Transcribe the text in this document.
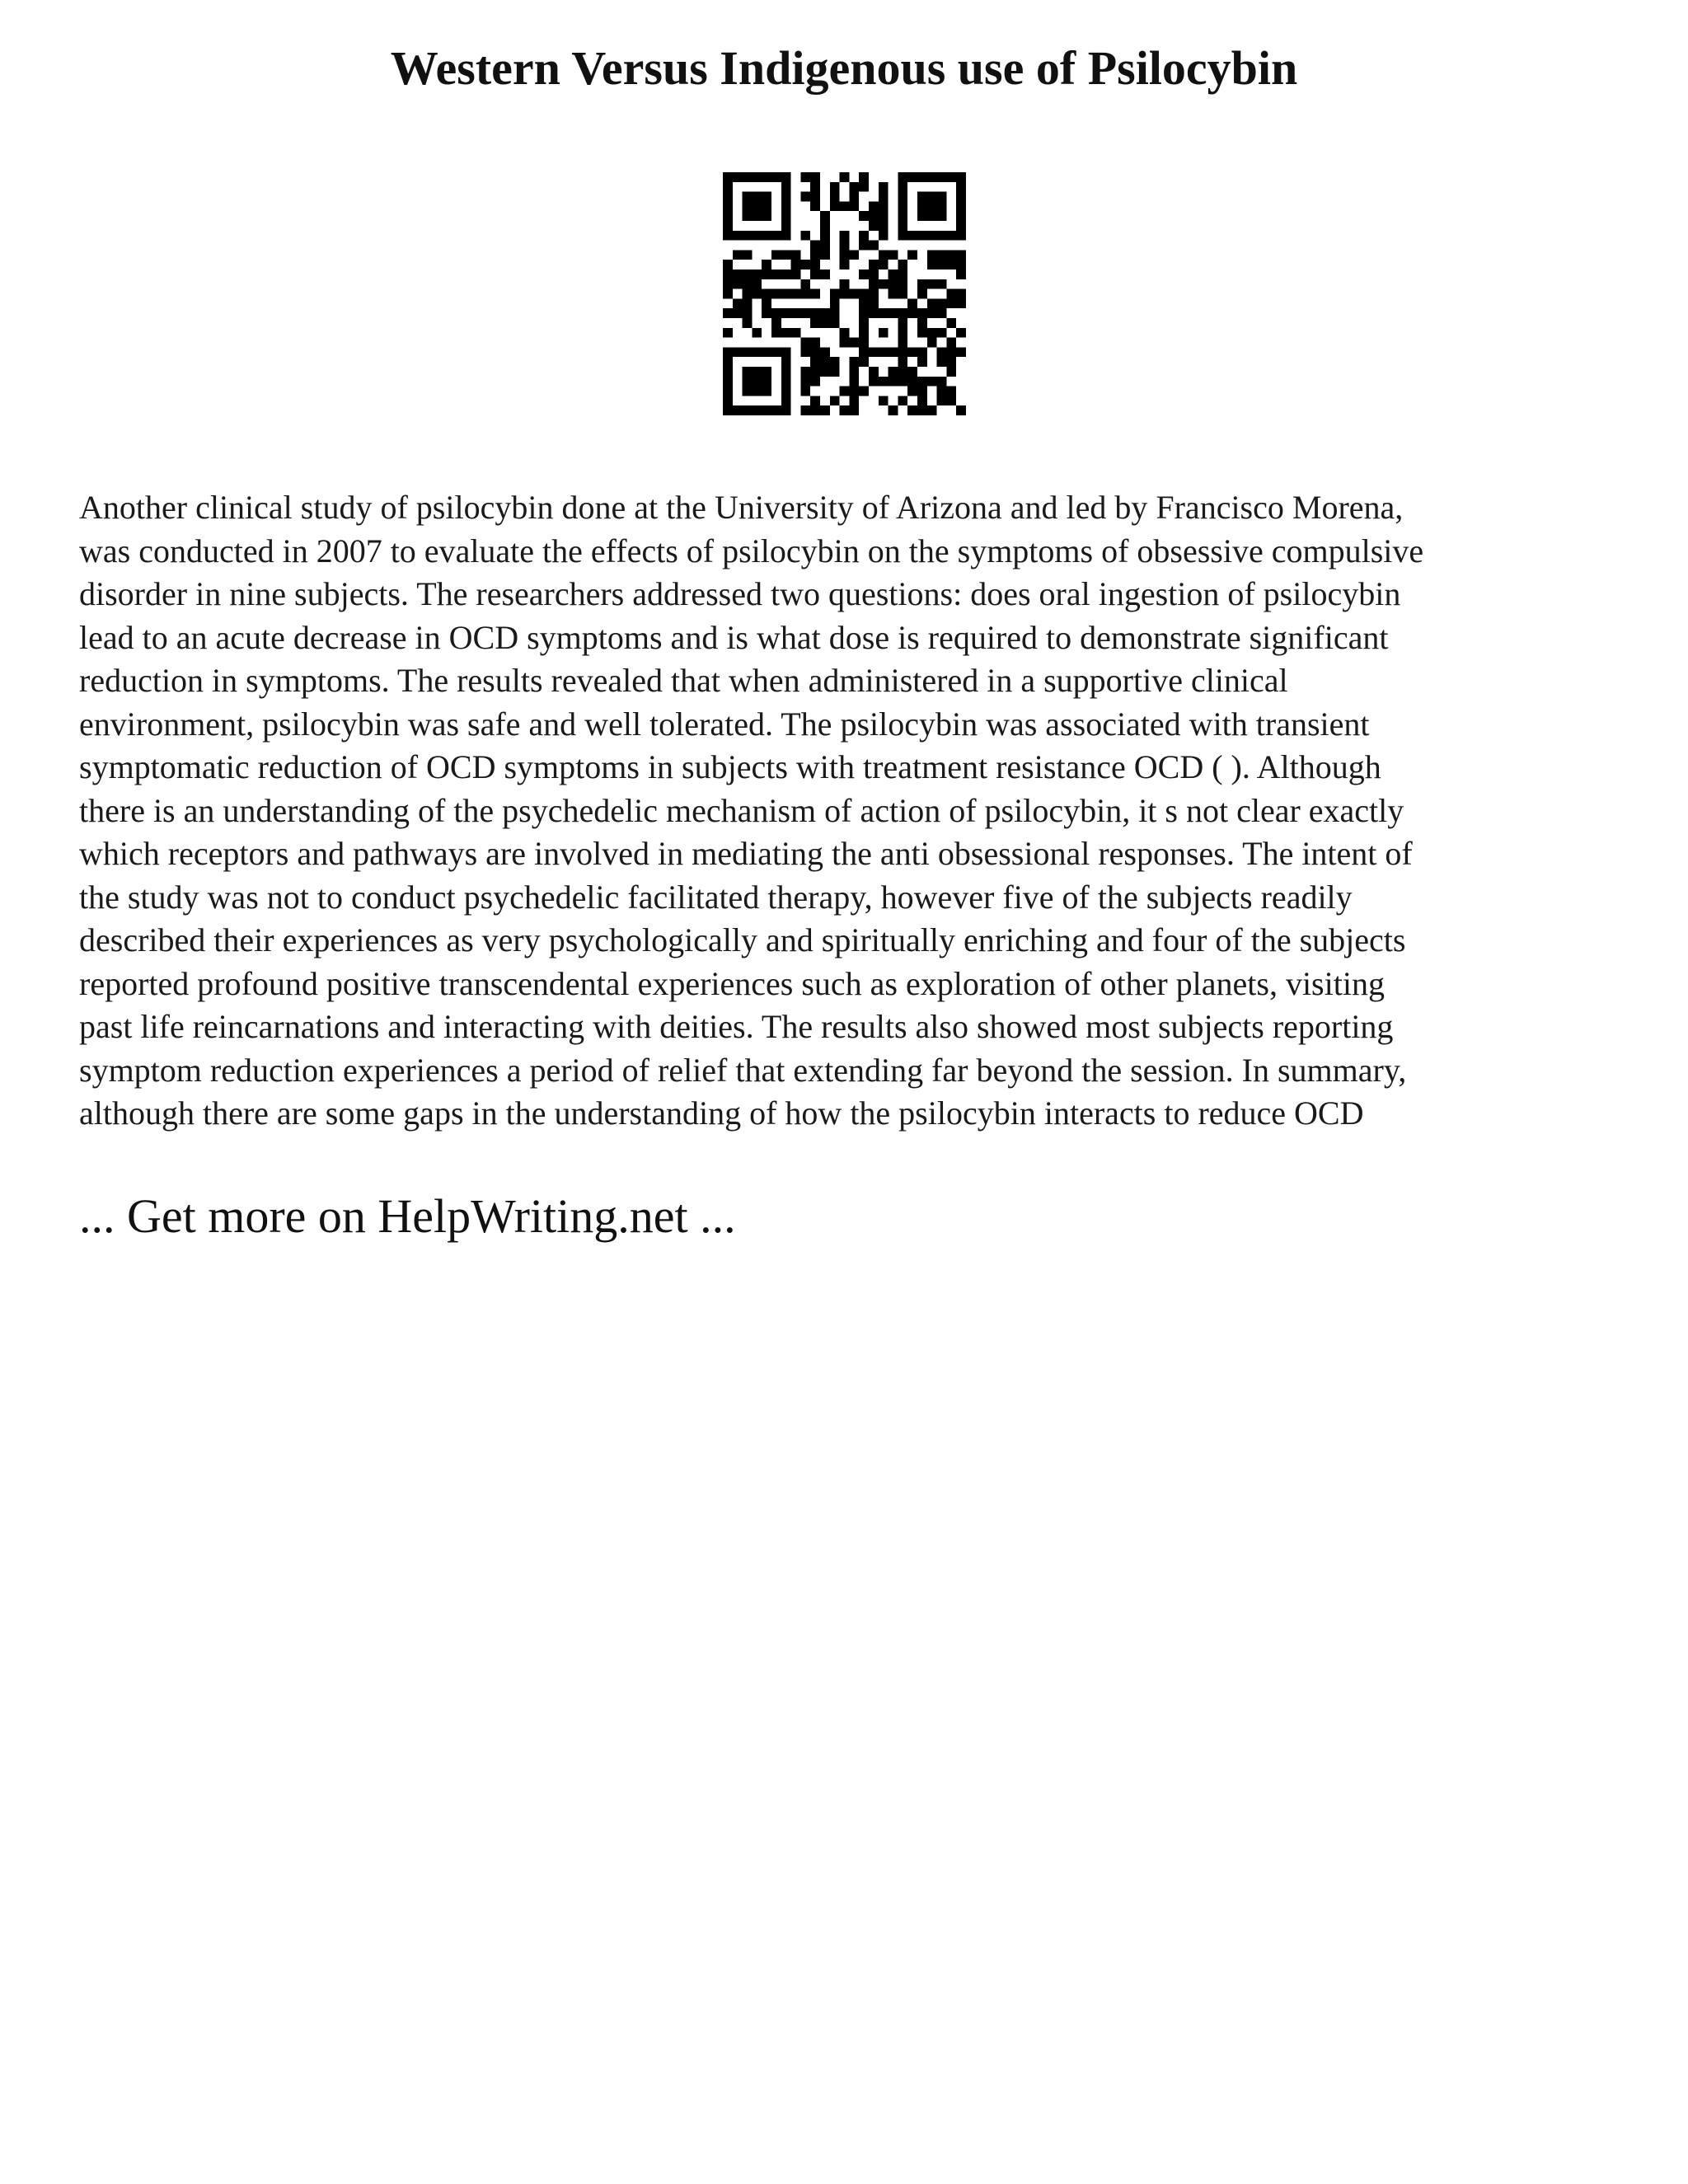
Western Versus Indigenous use of Psilocybin

Another clinical study of psilocybin done at the University of Arizona and led by Francisco Morena,
was conducted in 2007 to evaluate the effects of psilocybin on the symptoms of obsessive compulsive
disorder in nine subjects. The researchers addressed two questions: does oral ingestion of psilocybin
lead to an acute decrease in OCD symptoms and is what dose is required to demonstrate significant
reduction in symptoms. The results revealed that when administered in a supportive clinical
environment, psilocybin was safe and well tolerated. The psilocybin was associated with transient
symptomatic reduction of OCD symptoms in subjects with treatment resistance OCD ( ). Although
there is an understanding of the psychedelic mechanism of action of psilocybin, it s not clear exactly
which receptors and pathways are involved in mediating the anti obsessional responses. The intent of
the study was not to conduct psychedelic facilitated therapy, however five of the subjects readily
described their experiences as very psychologically and spiritually enriching and four of the subjects
reported profound positive transcendental experiences such as exploration of other planets, visiting
past life reincarnations and interacting with deities. The results also showed most subjects reporting
symptom reduction experiences a period of relief that extending far beyond the session. In summary,
although there are some gaps in the understanding of how the psilocybin interacts to reduce OCD

... Get more on HelpWriting.net ...
